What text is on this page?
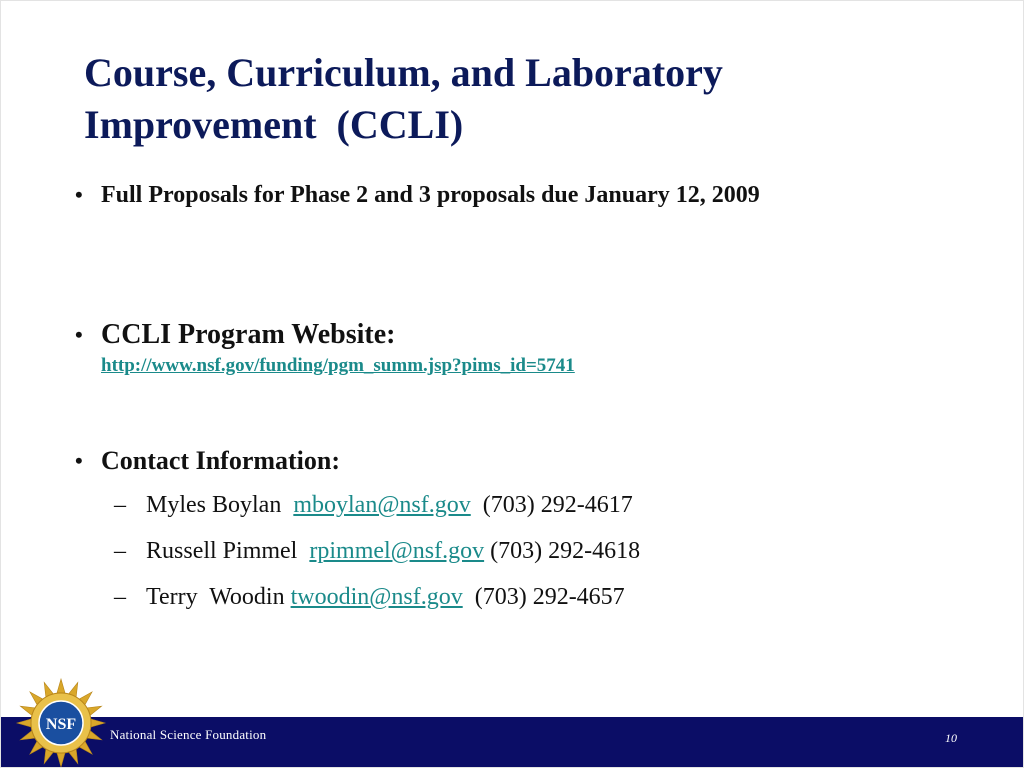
Course, Curriculum, and Laboratory
Improvement  (CCLI)
• Full Proposals for Phase 2 and 3 proposals due January 12, 2009
• CCLI Program Website:
http://www.nsf.gov/funding/pgm_summ.jsp?pims_id=5741
• Contact Information:
– Myles Boylan  mboylan@nsf.gov  (703) 292-4617
– Russell Pimmel  rpimmel@nsf.gov (703) 292-4618
– Terry  Woodin twoodin@nsf.gov  (703) 292-4657
National Science Foundation	10
NSF
